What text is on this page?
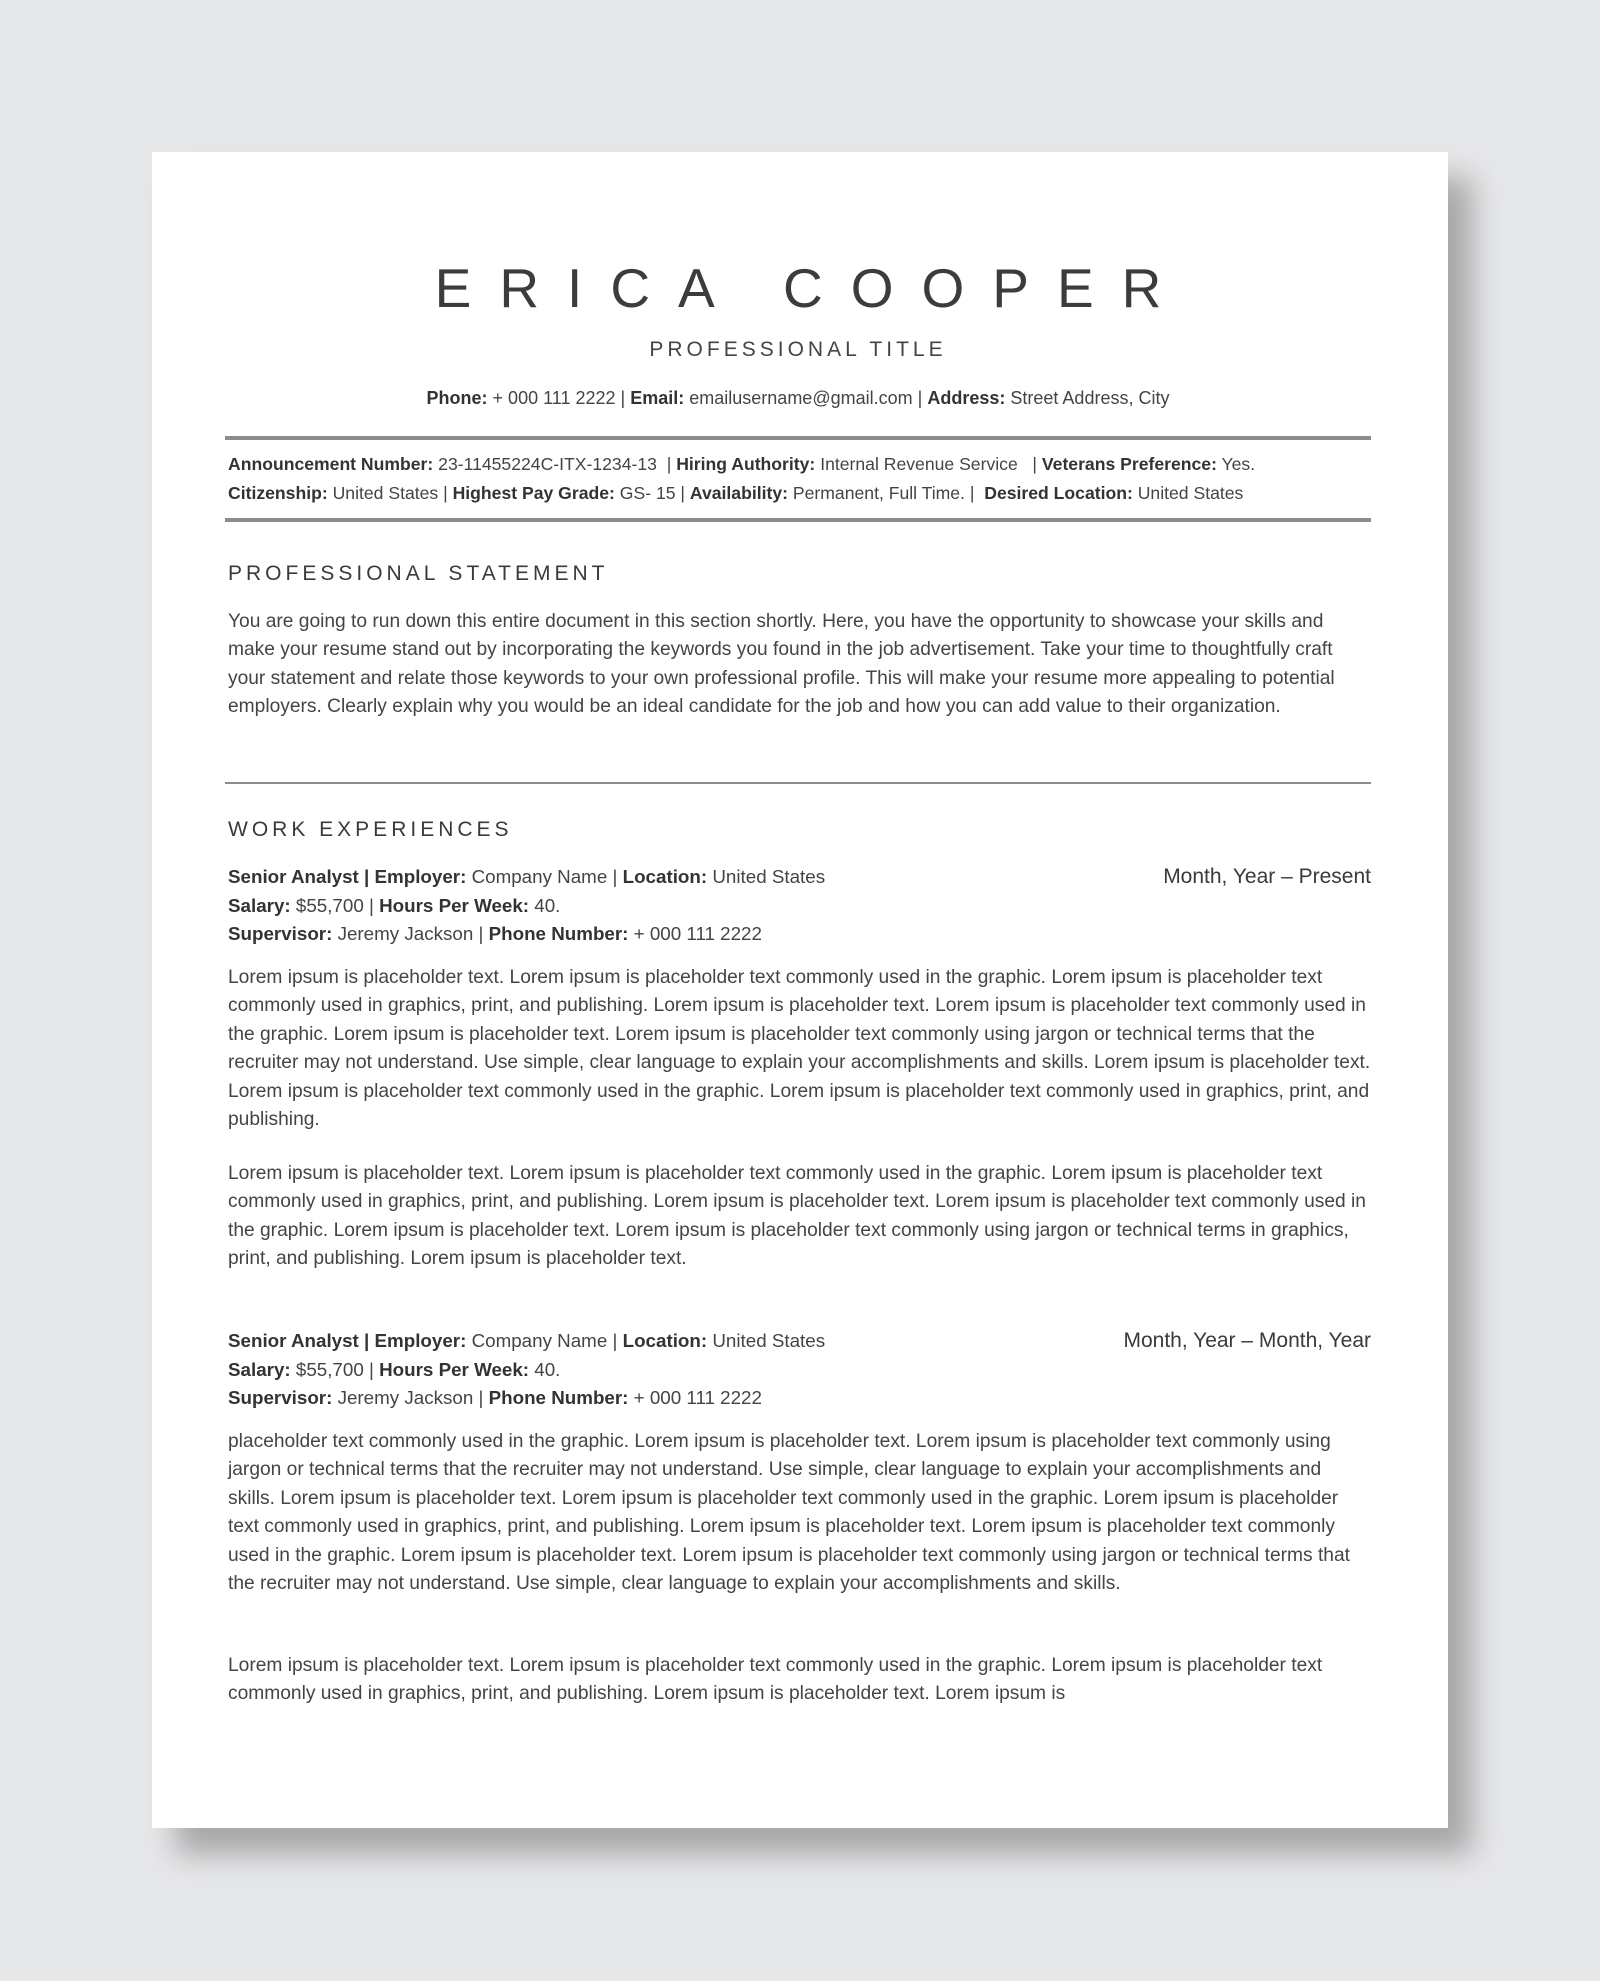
ERICA COOPER
PROFESSIONAL TITLE
Phone: + 000 111 2222 | Email: emailusername@gmail.com | Address: Street Address, City
Announcement Number: 23-11455224C-ITX-1234-13 | Hiring Authority: Internal Revenue Service | Veterans Preference: Yes.
Citizenship: United States | Highest Pay Grade: GS- 15 | Availability: Permanent, Full Time. | Desired Location: United States
PROFESSIONAL STATEMENT
You are going to run down this entire document in this section shortly. Here, you have the opportunity to showcase your skills and make your resume stand out by incorporating the keywords you found in the job advertisement. Take your time to thoughtfully craft your statement and relate those keywords to your own professional profile. This will make your resume more appealing to potential employers. Clearly explain why you would be an ideal candidate for the job and how you can add value to their organization.
WORK EXPERIENCES
Senior Analyst | Employer: Company Name | Location: United States
Salary: $55,700 | Hours Per Week: 40.
Supervisor: Jeremy Jackson | Phone Number: + 000 111 2222
Month, Year – Present
Lorem ipsum is placeholder text. Lorem ipsum is placeholder text commonly used in the graphic. Lorem ipsum is placeholder text commonly used in graphics, print, and publishing. Lorem ipsum is placeholder text. Lorem ipsum is placeholder text commonly used in the graphic. Lorem ipsum is placeholder text. Lorem ipsum is placeholder text commonly using jargon or technical terms that the recruiter may not understand. Use simple, clear language to explain your accomplishments and skills. Lorem ipsum is placeholder text. Lorem ipsum is placeholder text commonly used in the graphic. Lorem ipsum is placeholder text commonly used in graphics, print, and publishing.
Lorem ipsum is placeholder text. Lorem ipsum is placeholder text commonly used in the graphic. Lorem ipsum is placeholder text commonly used in graphics, print, and publishing. Lorem ipsum is placeholder text. Lorem ipsum is placeholder text commonly used in the graphic. Lorem ipsum is placeholder text. Lorem ipsum is placeholder text commonly using jargon or technical terms in graphics, print, and publishing. Lorem ipsum is placeholder text.
Senior Analyst | Employer: Company Name | Location: United States
Salary: $55,700 | Hours Per Week: 40.
Supervisor: Jeremy Jackson | Phone Number: + 000 111 2222
Month, Year – Month, Year
placeholder text commonly used in the graphic. Lorem ipsum is placeholder text. Lorem ipsum is placeholder text commonly using jargon or technical terms that the recruiter may not understand. Use simple, clear language to explain your accomplishments and skills. Lorem ipsum is placeholder text. Lorem ipsum is placeholder text commonly used in the graphic. Lorem ipsum is placeholder text commonly used in graphics, print, and publishing. Lorem ipsum is placeholder text. Lorem ipsum is placeholder text commonly used in the graphic. Lorem ipsum is placeholder text. Lorem ipsum is placeholder text commonly using jargon or technical terms that the recruiter may not understand. Use simple, clear language to explain your accomplishments and skills.
Lorem ipsum is placeholder text. Lorem ipsum is placeholder text commonly used in the graphic. Lorem ipsum is placeholder text commonly used in graphics, print, and publishing. Lorem ipsum is placeholder text. Lorem ipsum is
